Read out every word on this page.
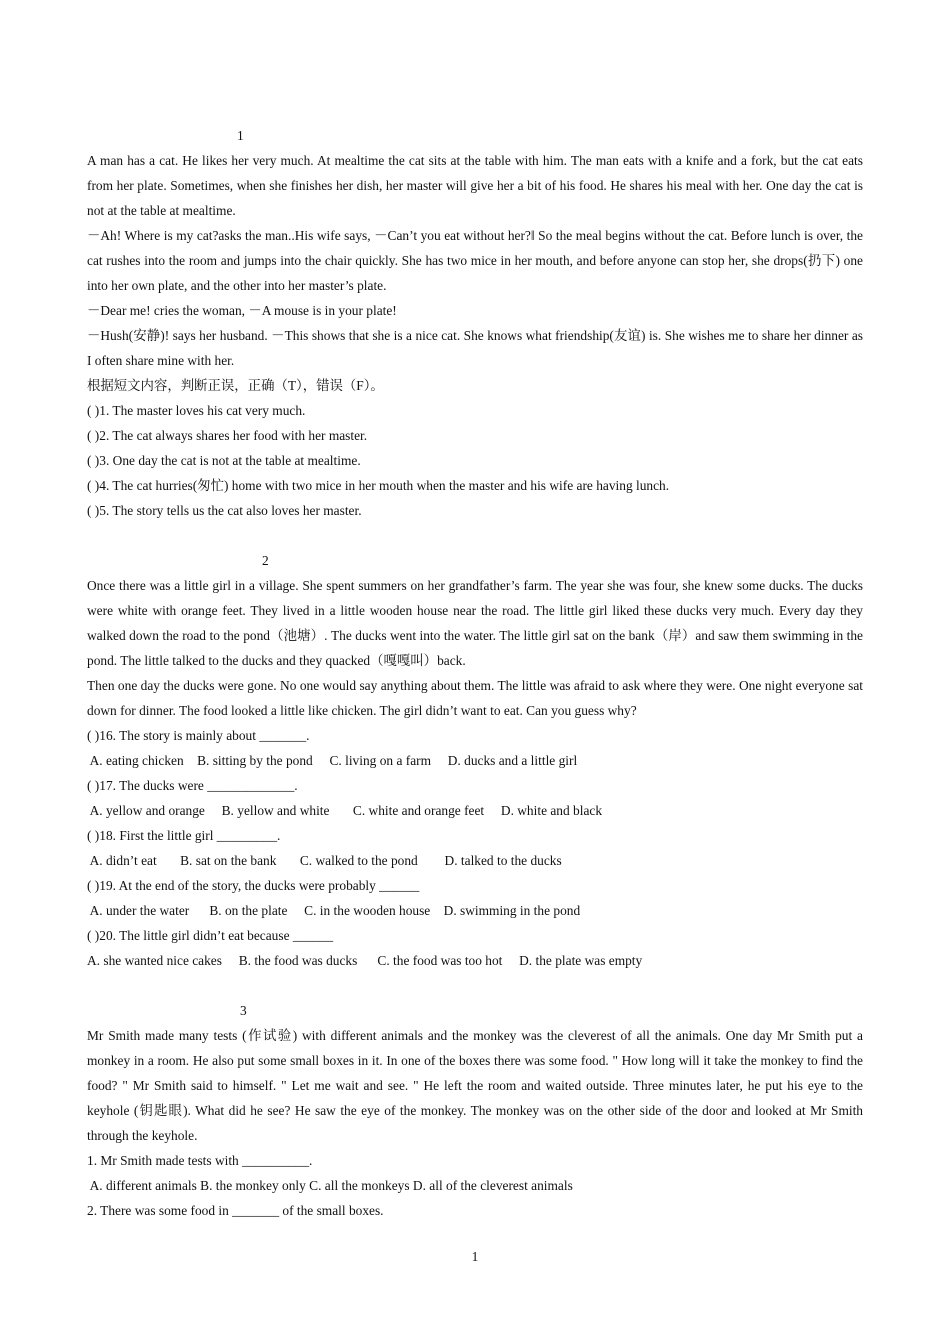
1

A man has a cat. He likes her very much. At mealtime the cat sits at the table with him. The man eats with a knife and a fork, but the cat eats from her plate. Sometimes, when she finishes her dish, her master will give her a bit of his food. He shares his meal with her. One day the cat is not at the table at mealtime.

－Ah! Where is my cat?asks the man..His wife says, －Can’t you eat without her?‖ So the meal begins without the cat. Before lunch is over, the cat rushes into the room and jumps into the chair quickly. She has two mice in her mouth, and before anyone can stop her, she drops(扔下) one into her own plate, and the other into her master’s plate.

－Dear me! cries the woman, －A mouse is in your plate!

－Hush(安静)! says her husband. －This shows that she is a nice cat. She knows what friendship(友谊) is. She wishes me to share her dinner as I often share mine with her.

根据短文内容，判断正误，正确（T），错误（F）。

( )1. The master loves his cat very much.

( )2. The cat always shares her food with her master.

( )3. One day the cat is not at the table at mealtime.

( )4. The cat hurries(匆忙) home with two mice in her mouth when the master and his wife are having lunch.

( )5. The story tells us the cat also loves her master.

2

Once there was a little girl in a village. She spent summers on her grandfather’s farm. The year she was four, she knew some ducks. The ducks were white with orange feet. They lived in a little wooden house near the road. The little girl liked these ducks very much. Every day they walked down the road to the pond（池塘）. The ducks went into the water. The little girl sat on the bank（岸）and saw them swimming in the pond. The little talked to the ducks and they quacked（嘎嘎叫）back.

Then one day the ducks were gone. No one would say anything about them. The little was afraid to ask where they were. One night everyone sat down for dinner. The food looked a little like chicken. The girl didn’t want to eat. Can you guess why?

( )16. The story is mainly about _______.

A. eating chicken    B. sitting by the pond     C. living on a farm     D. ducks and a little girl

( )17. The ducks were _____________.

A. yellow and orange     B. yellow and white       C. white and orange feet     D. white and black

( )18. First the little girl _________.

A. didn’t eat       B. sat on the bank       C. walked to the pond        D. talked to the ducks

( )19. At the end of the story, the ducks were probably ______

A. under the water      B. on the plate     C. in the wooden house    D. swimming in the pond

( )20. The little girl didn’t eat because ______

A. she wanted nice cakes     B. the food was ducks      C. the food was too hot     D. the plate was empty

3

Mr Smith made many tests (作试验) with different animals and the monkey was the cleverest of all the animals. One day Mr Smith put a monkey in a room. He also put some small boxes in it. In one of the boxes there was some food. " How long will it take the monkey to find the food? " Mr Smith said to himself. " Let me wait and see. " He left the room and waited outside. Three minutes later, he put his eye to the keyhole (钥匙眼). What did he see? He saw the eye of the monkey. The monkey was on the other side of the door and looked at Mr Smith through the keyhole.

1. Mr Smith made tests with __________.

A. different animals B. the monkey only C. all the monkeys D. all of the cleverest animals

2. There was some food in _______ of the small boxes.

1
